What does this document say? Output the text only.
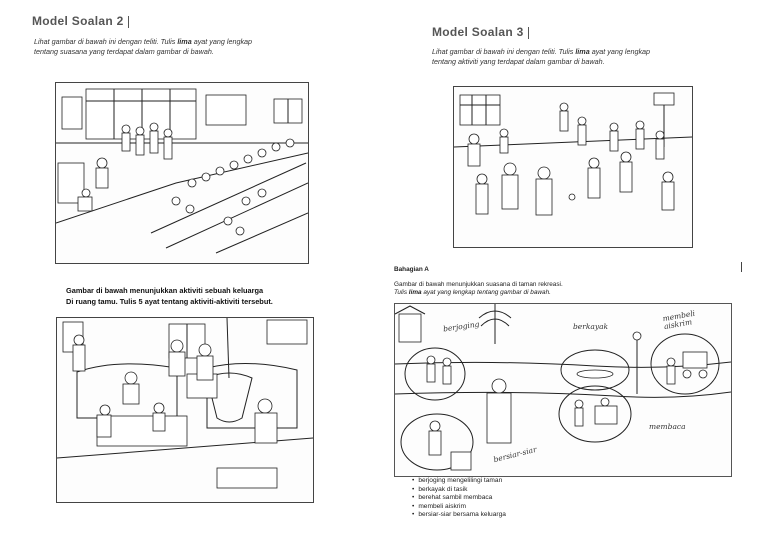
Model Soalan 2
Lihat gambar di bawah ini dengan teliti. Tulis lima ayat yang lengkap
tentang suasana yang terdapat dalam gambar di bawah.
Gambar di bawah menunjukkan aktiviti sebuah keluarga
Di ruang tamu. Tulis 5 ayat tentang aktiviti-aktiviti tersebut.
Model Soalan 3
Lihat gambar di bawah ini dengan teliti. Tulis lima ayat yang lengkap
tentang aktiviti yang terdapat dalam gambar di bawah.
Bahagian A
Gambar di bawah menunjukkan suasana di taman rekreasi.
Tulis lima ayat yang lengkap tentang gambar di bawah.
berjoging	berkayak
membeli aiskrim
membaca
bersiar-siar
• berjoging mengelilingi taman
• berkayak di tasik
• berehat sambil membaca
• membeli aiskrim
• bersiar-siar bersama keluarga
